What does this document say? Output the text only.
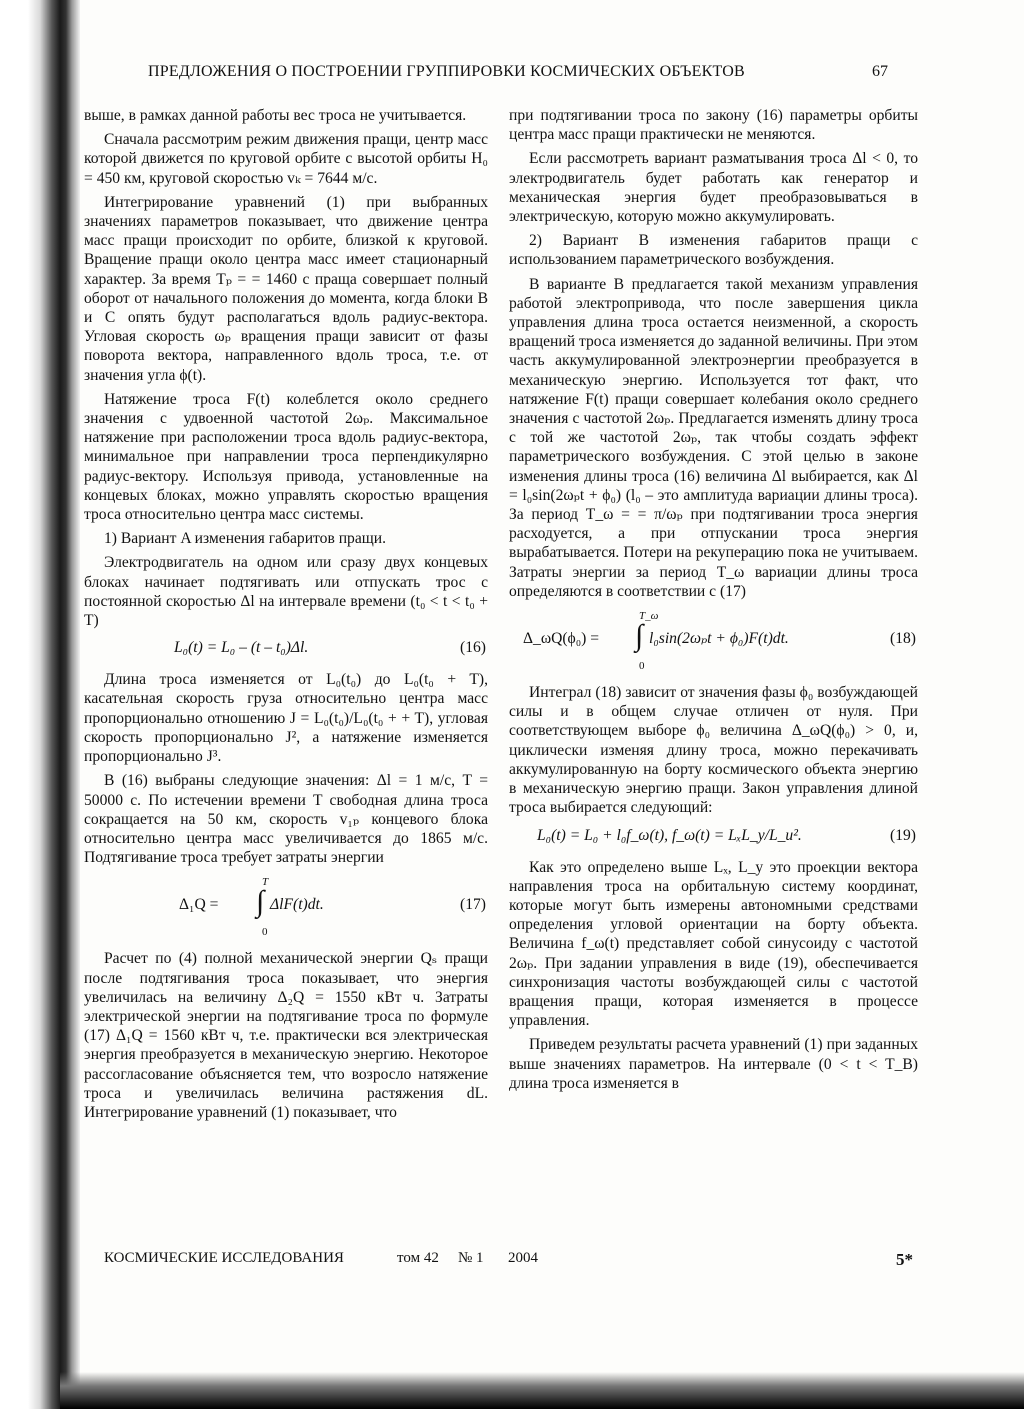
ПРЕДЛОЖЕНИЯ О ПОСТРОЕНИИ ГРУППИРОВКИ КОСМИЧЕСКИХ ОБЪЕКТОВ	67

выше, в рамках данной работы вес троса не учитывается.

Сначала рассмотрим режим движения пращи, центр масс которой движется по круговой орбите с высотой орбиты H₀ = 450 км, круговой скоростью vₖ = 7644 м/с.

Интегрирование уравнений (1) при выбранных значениях параметров показывает, что движение центра масс пращи происходит по орбите, близкой к круговой. Вращение пращи около центра масс имеет стационарный характер. За время Tₚ = = 1460 с праща совершает полный оборот от начального положения до момента, когда блоки B и C опять будут располагаться вдоль радиус-вектора. Угловая скорость ωₚ вращения пращи зависит от фазы поворота вектора, направленного вдоль троса, т.е. от значения угла ϕ(t).

Натяжение троса F(t) колеблется около среднего значения с удвоенной частотой 2ωₚ. Максимальное натяжение при расположении троса вдоль радиус-вектора, минимальное при направлении троса перпендикулярно радиус-вектору. Используя привода, установленные на концевых блоках, можно управлять скоростью вращения троса относительно центра масс системы.

1) Вариант A изменения габаритов пращи.

Электродвигатель на одном или сразу двух концевых блоках начинает подтягивать или отпускать трос с постоянной скоростью Δl на интервале времени (t₀ < t < t₀ + T)

L₀(t) = L₀ – (t – t₀)Δl.	(16)

Длина троса изменяется от L₀(t₀) до L₀(t₀ + T), касательная скорость груза относительно центра масс пропорционально отношению J = L₀(t₀)/L₀(t₀ + + T), угловая скорость пропорционально J², а натяжение изменяется пропорционально J³.

В (16) выбраны следующие значения: Δl = 1 м/с, T = 50000 с. По истечении времени T свободная длина троса сокращается на 50 км, скорость v₁ₚ концевого блока относительно центра масс увеличивается до 1865 м/с. Подтягивание троса требует затраты энергии

Δ₁Q =
T
∫
0
ΔlF(t)dt.	(17)

Расчет по (4) полной механической энергии Qₛ пращи после подтягивания троса показывает, что энергия увеличилась на величину Δ₂Q = 1550 кВт ч. Затраты электрической энергии на подтягивание троса по формуле (17) Δ₁Q = 1560 кВт ч, т.е. практически вся электрическая энергия преобразуется в механическую энергию. Некоторое рассогласование объясняется тем, что возросло натяжение троса и увеличилась величина растяжения dL. Интегрирование уравнений (1) показывает, что

при подтягивании троса по закону (16) параметры орбиты центра масс пращи практически не меняются.

Если рассмотреть вариант разматывания троса Δl < 0, то электродвигатель будет работать как генератор и механическая энергия будет преобразовываться в электрическую, которую можно аккумулировать.

2) Вариант B изменения габаритов пращи с использованием параметрического возбуждения.

В варианте B предлагается такой механизм управления работой электропривода, что после завершения цикла управления длина троса остается неизменной, а скорость вращений троса изменяется до заданной величины. При этом часть аккумулированной электроэнергии преобразуется в механическую энергию. Используется тот факт, что натяжение F(t) пращи совершает колебания около среднего значения с частотой 2ωₚ. Предлагается изменять длину троса с той же частотой 2ωₚ, так чтобы создать эффект параметрического возбуждения. С этой целью в законе изменения длины троса (16) величина Δl выбирается, как Δl = l₀sin(2ωₚt + ϕ₀) (l₀ – это амплитуда вариации длины троса). За период T_ω = = π/ωₚ при подтягивании троса энергия расходуется, а при отпускании троса энергия вырабатывается. Потери на рекуперацию пока не учитываем. Затраты энергии за период T_ω вариации длины троса определяются в соответствии с (17)

Δ_ωQ(ϕ₀) =
T_ω
∫
0
l₀sin(2ωₚt + ϕ₀)F(t)dt.	(18)

Интеграл (18) зависит от значения фазы ϕ₀ возбуждающей силы и в общем случае отличен от нуля. При соответствующем выборе ϕ₀ величина Δ_ωQ(ϕ₀) > 0, и, циклически изменяя длину троса, можно перекачивать аккумулированную на борту космического объекта энергию в механическую энергию пращи. Закон управления длиной троса выбирается следующий:

L₀(t) = L₀ + l₀f_ω(t), f_ω(t) = LₓL_y/L_u².	(19)

Как это определено выше Lₓ, L_y это проекции вектора направления троса на орбитальную систему координат, которые могут быть измерены автономными средствами определения угловой ориентации на борту объекта. Величина f_ω(t) представляет собой синусоиду с частотой 2ωₚ. При задании управления в виде (19), обеспечивается синхронизация частоты возбуждающей силы с частотой вращения пращи, которая изменяется в процессе управления.

Приведем результаты расчета уравнений (1) при заданных выше значениях параметров. На интервале (0 < t < T_B) длина троса изменяется в

КОСМИЧЕСКИЕ ИССЛЕДОВАНИЯ	том 42 № 1 2004	5*
